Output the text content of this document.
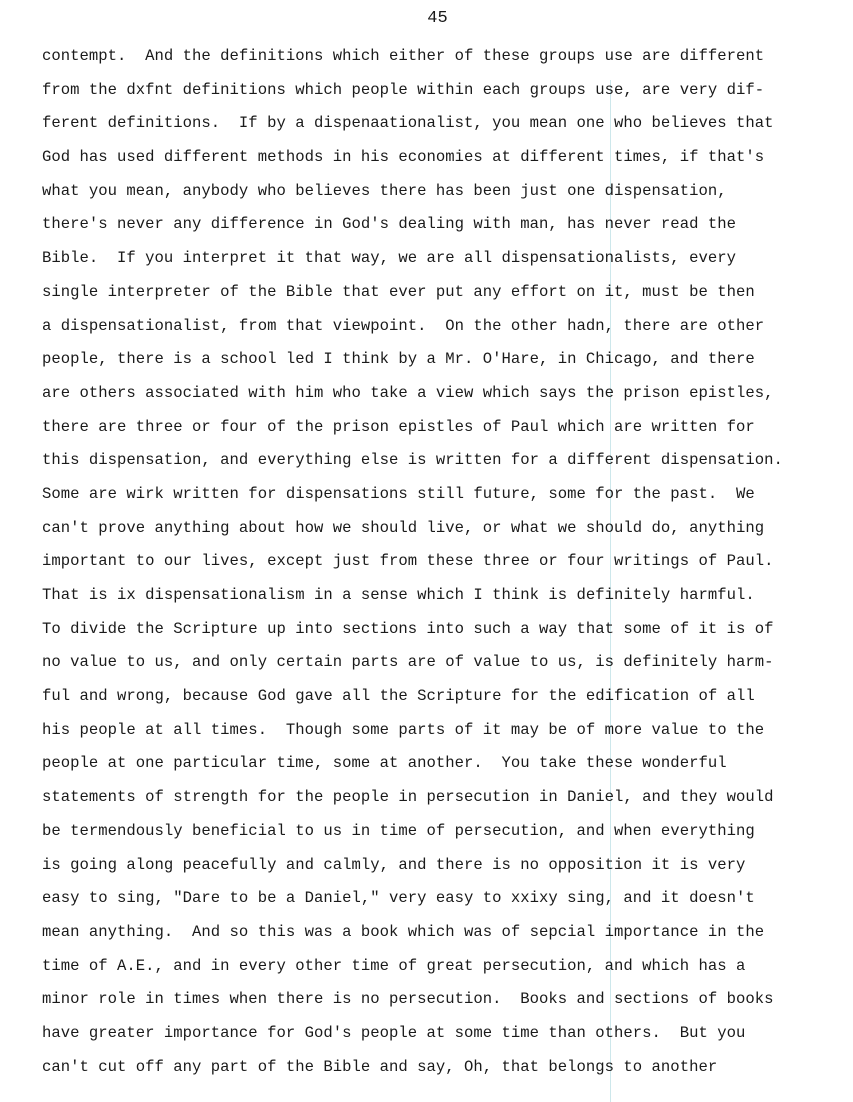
45
contempt.  And the definitions which either of these groups use are different
from the dxfnt definitions which people within each groups use, are very dif-
ferent definitions.  If by a dispenaationalist, you mean one who believes that
God has used different methods in his economies at different times, if that's
what you mean, anybody who believes there has been just one dispensation,
there's never any difference in God's dealing with man, has never read the
Bible.  If you interpret it that way, we are all dispensationalists, every
single interpreter of the Bible that ever put any effort on it, must be then
a dispensationalist, from that viewpoint.  On the other hadn, there are other
people, there is a school led I think by a Mr. O'Hare, in Chicago, and there
are others associated with him who take a view which says the prison epistles,
there are three or four of the prison epistles of Paul which are written for
this dispensation, and everything else is written for a different dispensation.
Some are wirk written for dispensations still future, some for the past.  We
can't prove anything about how we should live, or what we should do, anything
important to our lives, except just from these three or four writings of Paul.
That is ix dispensationalism in a sense which I think is definitely harmful.
To divide the Scripture up into sections into such a way that some of it is of
no value to us, and only certain parts are of value to us, is definitely harm-
ful and wrong, because God gave all the Scripture for the edification of all
his people at all times.  Though some parts of it may be of more value to the
people at one particular time, some at another.  You take these wonderful
statements of strength for the people in persecution in Daniel, and they would
be termendously beneficial to us in time of persecution, and when everything
is going along peacefully and calmly, and there is no opposition it is very
easy to sing, "Dare to be a Daniel," very easy to xxixy sing, and it doesn't
mean anything.  And so this was a book which was of sepcial importance in the
time of A.E., and in every other time of great persecution, and which has a
minor role in times when there is no persecution.  Books and sections of books
have greater importance for God's people at some time than others.  But you
can't cut off any part of the Bible and say, Oh, that belongs to another
